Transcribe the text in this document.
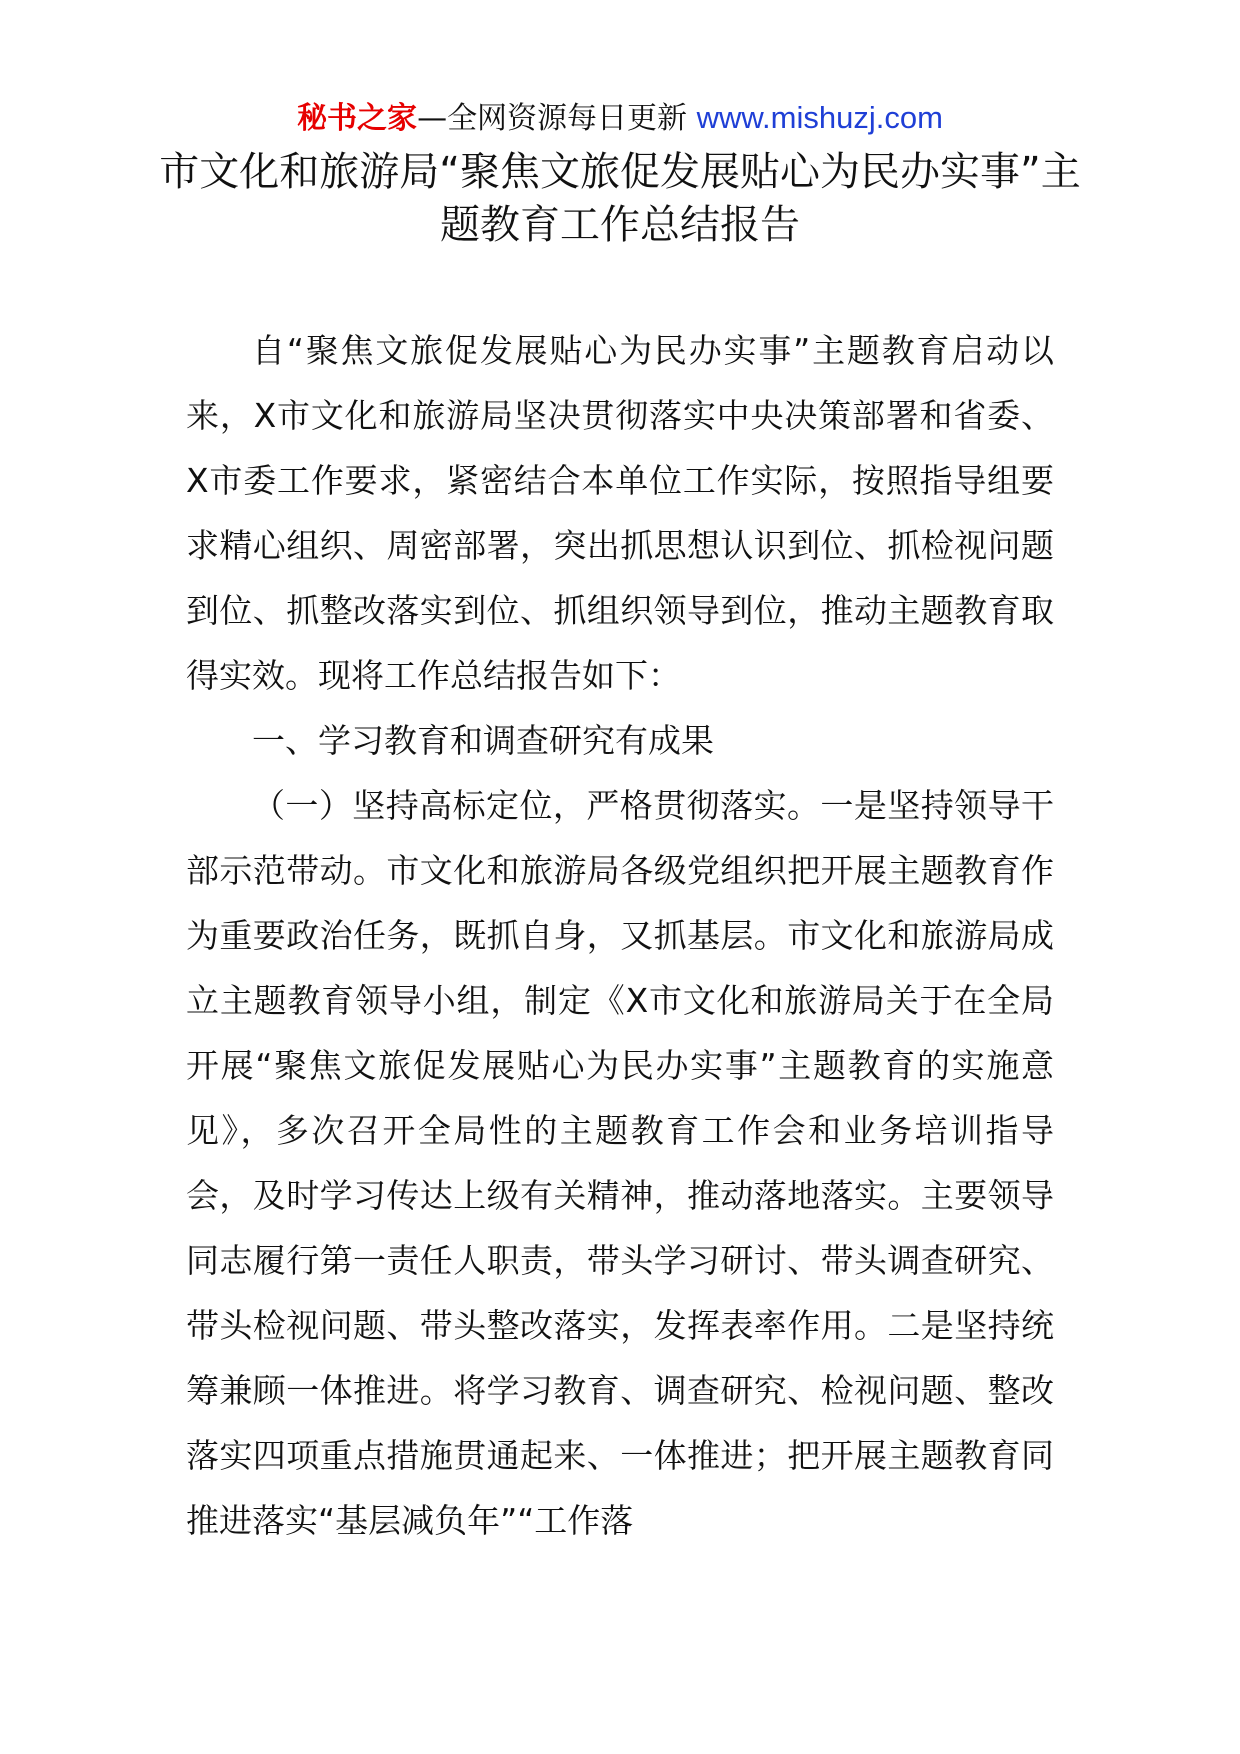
秘书之家—全网资源每日更新 www.mishuzj.com
市文化和旅游局“聚焦文旅促发展贴心为民办实事”主题教育工作总结报告

自“聚焦文旅促发展贴心为民办实事”主题教育启动以来，X市文化和旅游局坚决贯彻落实中央决策部署和省委、X市委工作要求，紧密结合本单位工作实际，按照指导组要求精心组织、周密部署，突出抓思想认识到位、抓检视问题到位、抓整改落实到位、抓组织领导到位，推动主题教育取得实效。现将工作总结报告如下：

一、学习教育和调查研究有成果

（一）坚持高标定位，严格贯彻落实。一是坚持领导干部示范带动。市文化和旅游局各级党组织把开展主题教育作为重要政治任务，既抓自身，又抓基层。市文化和旅游局成立主题教育领导小组，制定《X市文化和旅游局关于在全局开展“聚焦文旅促发展贴心为民办实事”主题教育的实施意见》，多次召开全局性的主题教育工作会和业务培训指导会，及时学习传达上级有关精神，推动落地落实。主要领导同志履行第一责任人职责，带头学习研讨、带头调查研究、带头检视问题、带头整改落实，发挥表率作用。二是坚持统筹兼顾一体推进。将学习教育、调查研究、检视问题、整改落实四项重点措施贯通起来、一体推进；把开展主题教育同推进落实“基层减负年”“工作落
